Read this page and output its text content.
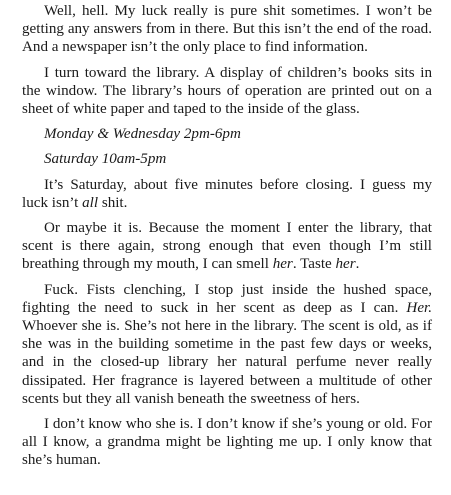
Well, hell. My luck really is pure shit sometimes. I won’t be getting any answers from in there. But this isn’t the end of the road. And a newspaper isn’t the only place to find information.

I turn toward the library. A display of children’s books sits in the window. The library’s hours of operation are printed out on a sheet of white paper and taped to the inside of the glass.

Monday & Wednesday 2pm-6pm

Saturday 10am-5pm

It’s Saturday, about five minutes before closing. I guess my luck isn’t all shit.

Or maybe it is. Because the moment I enter the library, that scent is there again, strong enough that even though I’m still breathing through my mouth, I can smell her. Taste her.

Fuck. Fists clenching, I stop just inside the hushed space, fighting the need to suck in her scent as deep as I can. Her. Whoever she is. She’s not here in the library. The scent is old, as if she was in the building sometime in the past few days or weeks, and in the closed-up library her natural perfume never really dissipated. Her fragrance is layered between a multitude of other scents but they all vanish beneath the sweetness of hers.

I don’t know who she is. I don’t know if she’s young or old. For all I know, a grandma might be lighting me up. I only know that she’s human.
